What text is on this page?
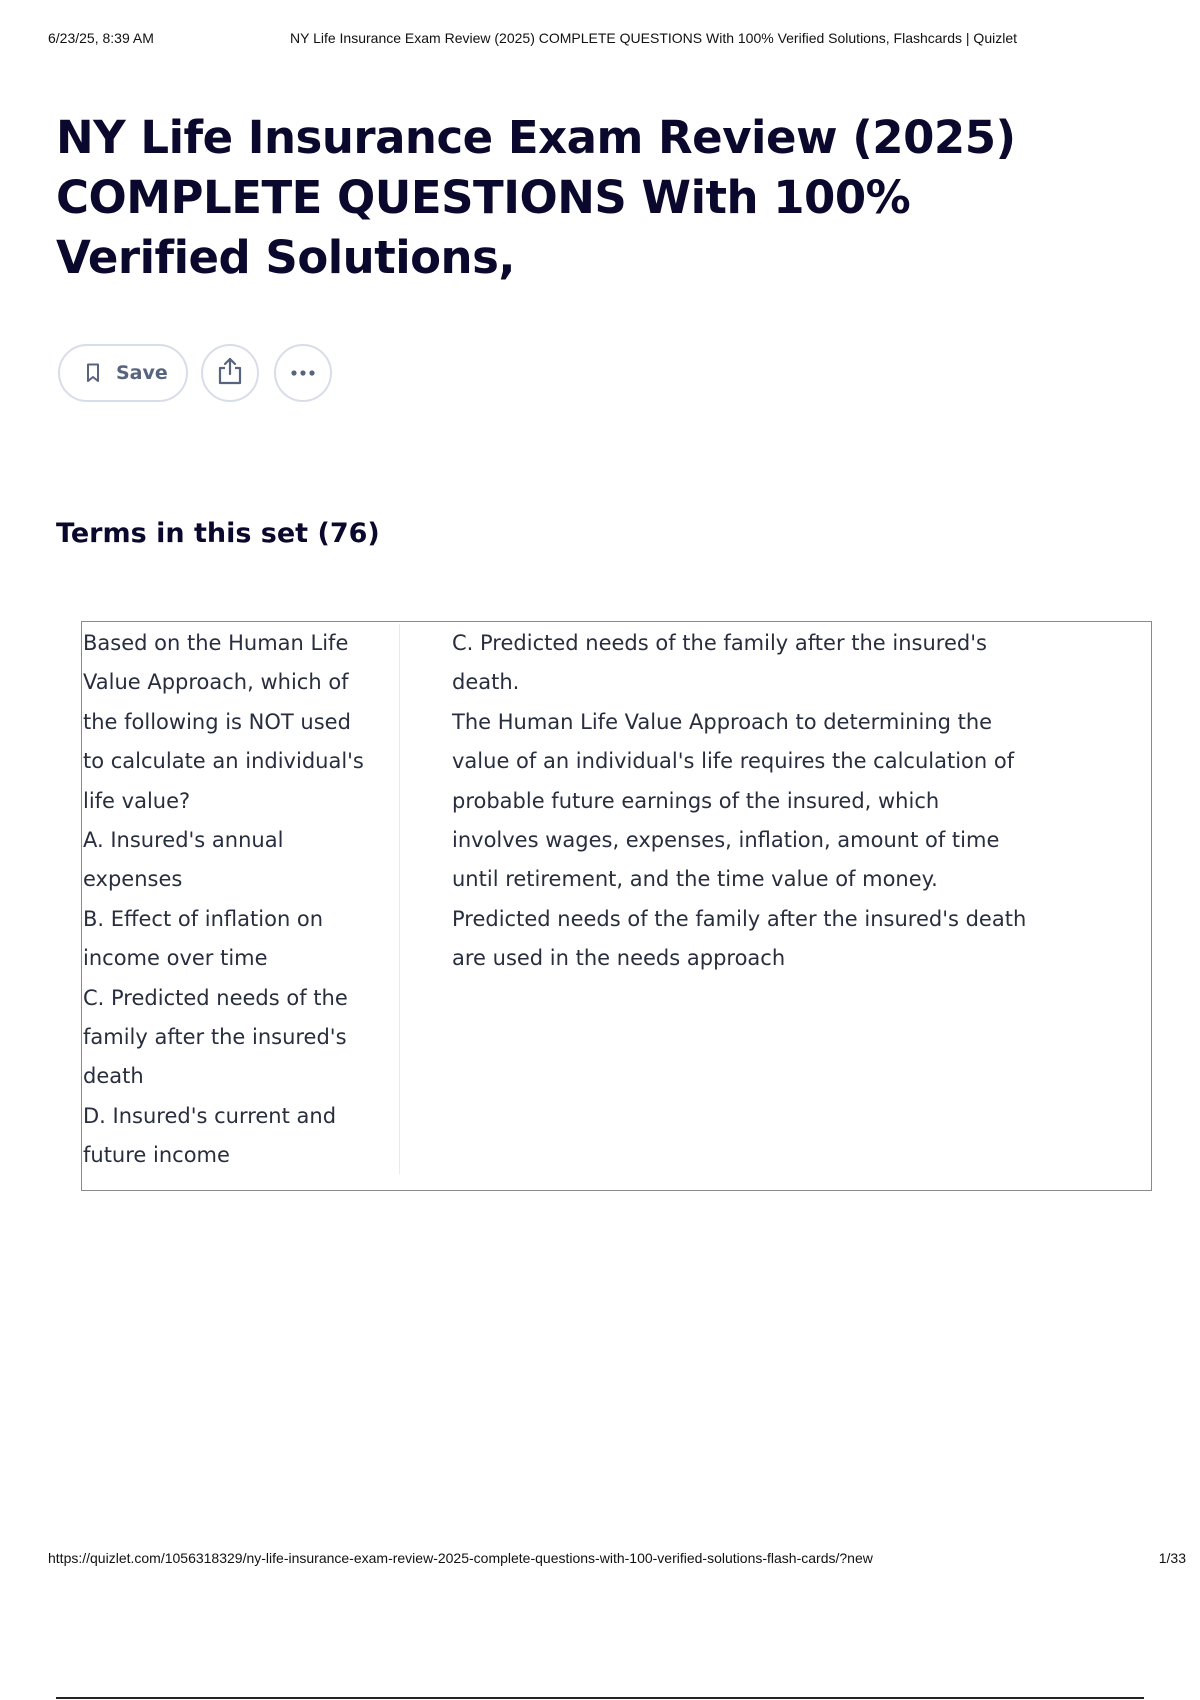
6/23/25, 8:39 AM	NY Life Insurance Exam Review (2025) COMPLETE QUESTIONS With 100% Verified Solutions, Flashcards | Quizlet
NY Life Insurance Exam Review (2025) COMPLETE QUESTIONS With 100% Verified Solutions,
Save
Terms in this set (76)
Based on the Human Life
Value Approach, which of
the following is NOT used
to calculate an individual's
life value?
A. Insured's annual
expenses
B. Effect of inflation on
income over time
C. Predicted needs of the
family after the insured's
death
D. Insured's current and
future income
C. Predicted needs of the family after the insured's
death.
The Human Life Value Approach to determining the
value of an individual's life requires the calculation of
probable future earnings of the insured, which
involves wages, expenses, inflation, amount of time
until retirement, and the time value of money.
Predicted needs of the family after the insured's death
are used in the needs approach
https://quizlet.com/1056318329/ny-life-insurance-exam-review-2025-complete-questions-with-100-verified-solutions-flash-cards/?new	1/33
